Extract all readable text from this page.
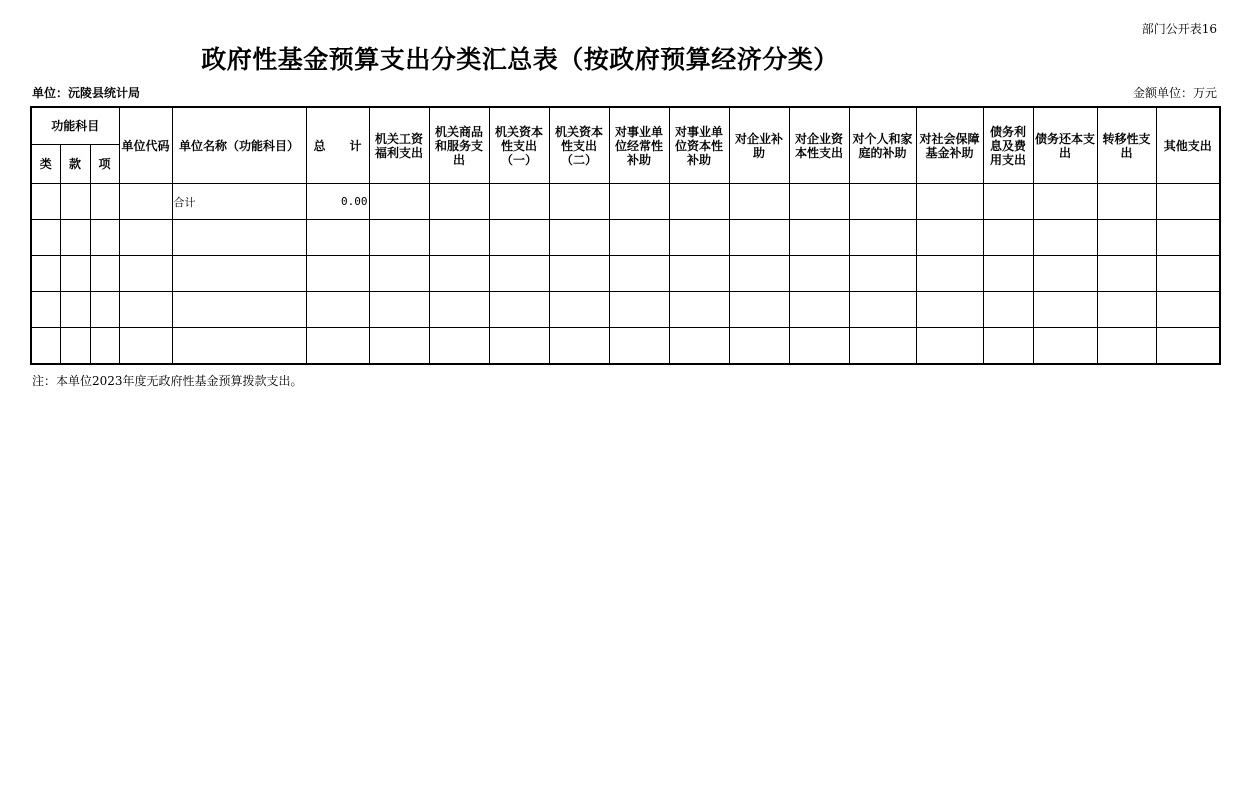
部门公开表16
政府性基金预算支出分类汇总表（按政府预算经济分类）
单位：沅陵县统计局	金额单位：万元
功能科目			单位代码	单位名称（功能科目）	总　　计	机关工资福利支出	机关商品和服务支出	机关资本性支出（一）	机关资本性支出（二）	对事业单位经常性补助	对事业单位资本性补助	对企业补助	对企业资本性支出	对个人和家庭的补助	对社会保障基金补助	债务利息及费用支出	债务还本支出	转移性支出	其他支出
类	款	项																	
				合计	0.00														

注：本单位2023年度无政府性基金预算拨款支出。
